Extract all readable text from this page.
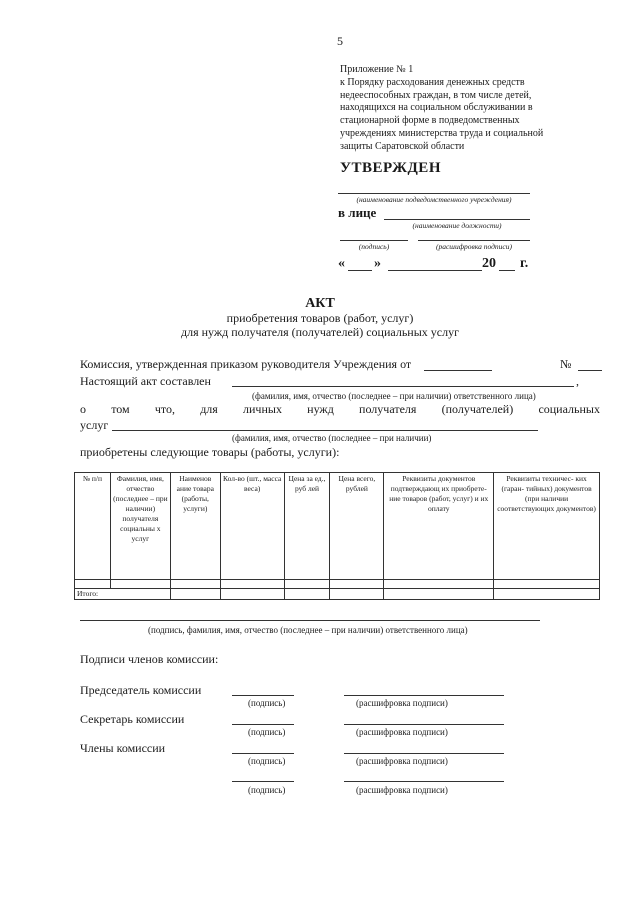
5
Приложение № 1
к Порядку расходования денежных средств
недееспособных граждан, в том числе детей,
находящихся на социальном обслуживании в
стационарной форме в подведомственных
учреждениях министерства труда и социальной
защиты Саратовской области
УТВЕРЖДЕН
(наименование подведомственного учреждения)
в лице
(наименование должности)
(подпись)	(расшифровка подписи)
« »	20 г.
АКТ
приобретения товаров (работ, услуг)
для нужд получателя (получателей) социальных услуг
Комиссия, утвержденная приказом руководителя Учреждения от	№
Настоящий акт составлен	,
(фамилия, имя, отчество (последнее – при наличии) ответственного лица)
о том что, для личных нужд получателя (получателей) социальных
услуг
(фамилия, имя, отчество (последнее – при наличии)
приобретены следующие товары (работы, услуги):
№ п/п	Фамилия, имя, отчество (последнее – при наличии) получателя социальны х услуг	Наименов ание товара (работы, услуги)	Кол-во (шт., масса веса)	Цена за ед., руб лей	Цена всего, рублей	Реквизиты документов подтверждающ их приобрете- ние товаров (работ, услуг) и их оплату	Реквизиты техничес- ких (гаран- тийных) документов (при наличии соответствующих документов)

Итого:							
(подпись, фамилия, имя, отчество (последнее – при наличии) ответственного лица)
Подписи членов комиссии:
Председатель комиссии
(подпись)	(расшифровка подписи)
Секретарь комиссии
(подпись)	(расшифровка подписи)
Члены комиссии
(подпись)	(расшифровка подписи)
(подпись)	(расшифровка подписи)
